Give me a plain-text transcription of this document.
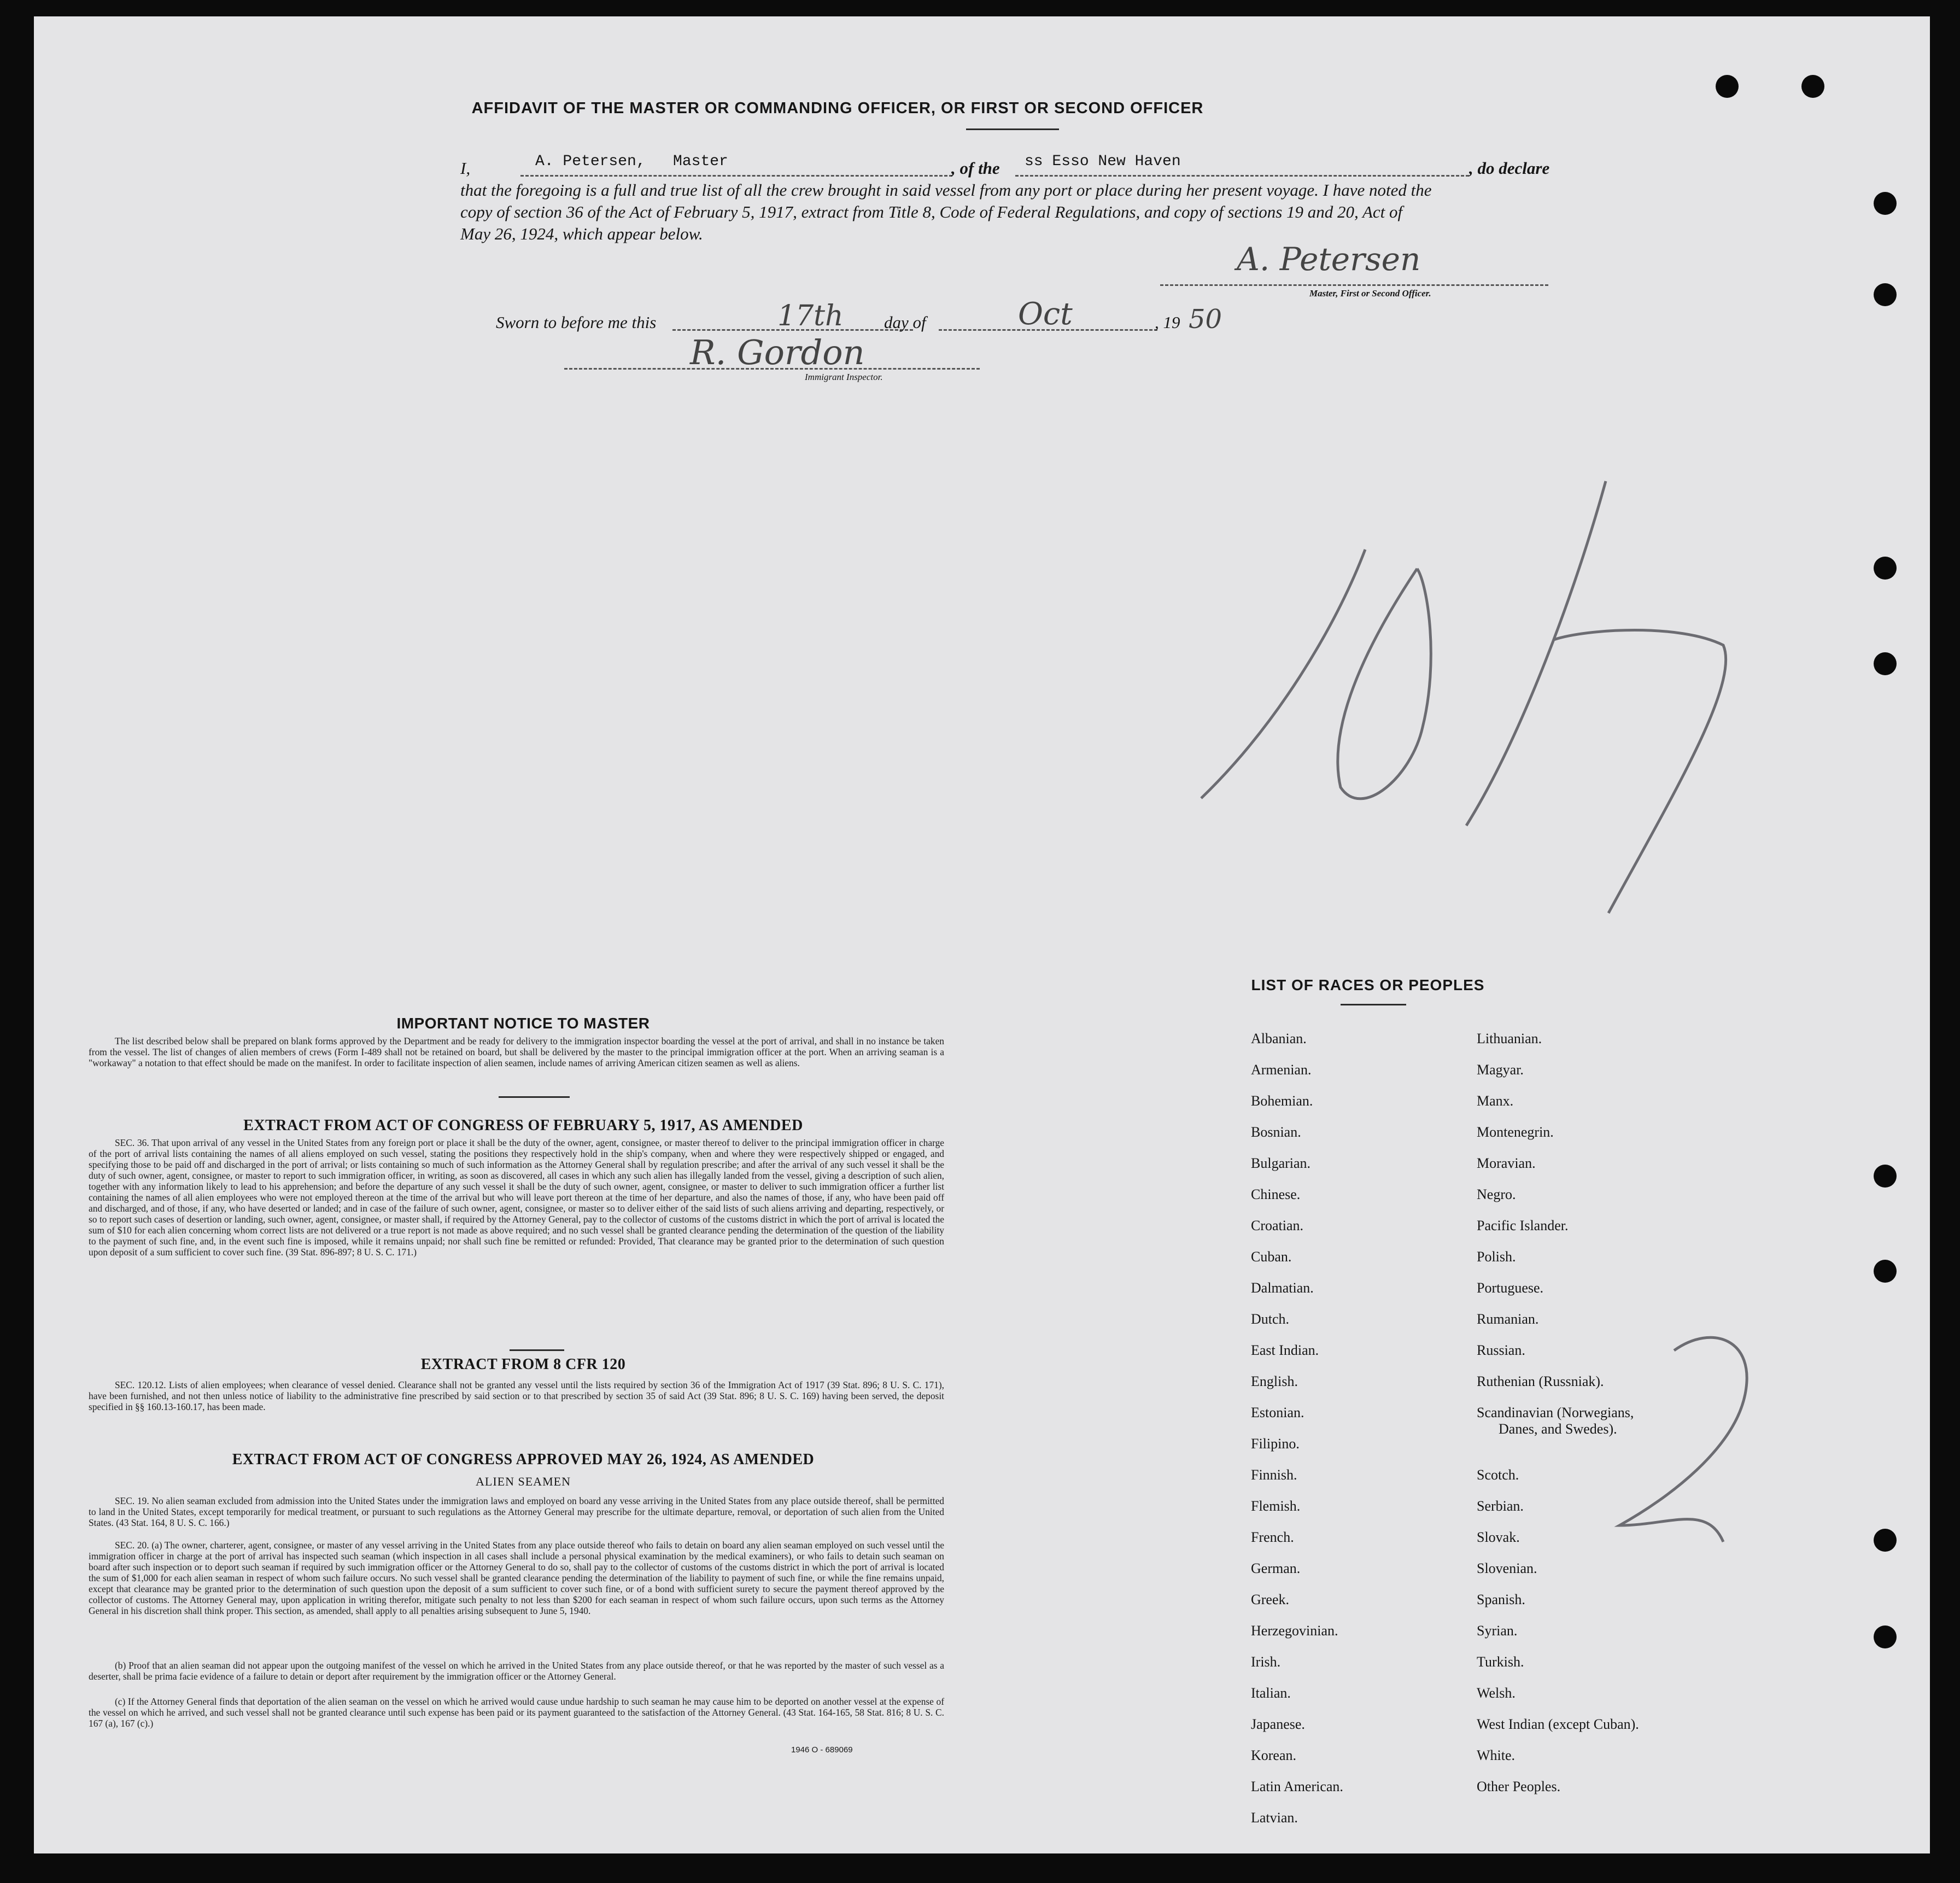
AFFIDAVIT OF THE MASTER OR COMMANDING OFFICER, OR FIRST OR SECOND OFFICER
I,	A. Petersen,   Master	, of the	ss Esso New Haven	, do declare
that the foregoing is a full and true list of all the crew brought in said vessel from any port or place during her present voyage. I have noted the
copy of section 36 of the Act of February 5, 1917, extract from Title 8, Code of Federal Regulations, and copy of sections 19 and 20, Act of
May 26, 1924, which appear below.
A. Petersen
Master, First or Second Officer.
Sworn to before me this	17th day of	Oct	, 19 50
R. Gordon
Immigrant Inspector.
IMPORTANT NOTICE TO MASTER
The list described below shall be prepared on blank forms approved by the Department and be ready for delivery to the immigration inspector boarding the vessel at the port of arrival, and shall in no instance be taken from the vessel. The list of changes of alien members of crews (Form I-489 shall not be retained on board, but shall be delivered by the master to the principal immigration officer at the port. When an arriving seaman is a "workaway" a notation to that effect should be made on the manifest. In order to facilitate inspection of alien seamen, include names of arriving American citizen seamen as well as aliens.
EXTRACT FROM ACT OF CONGRESS OF FEBRUARY 5, 1917, AS AMENDED
SEC. 36. That upon arrival of any vessel in the United States from any foreign port or place it shall be the duty of the owner, agent, consignee, or master thereof to deliver to the principal immigration officer in charge of the port of arrival lists containing the names of all aliens employed on such vessel, stating the positions they respectively hold in the ship's company, when and where they were respectively shipped or engaged, and specifying those to be paid off and discharged in the port of arrival; or lists containing so much of such information as the Attorney General shall by regulation prescribe; and after the arrival of any such vessel it shall be the duty of such owner, agent, consignee, or master to report to such immigration officer, in writing, as soon as discovered, all cases in which any such alien has illegally landed from the vessel, giving a description of such alien, together with any information likely to lead to his apprehension; and before the departure of any such vessel it shall be the duty of such owner, agent, consignee, or master to deliver to such immigration officer a further list containing the names of all alien employees who were not employed thereon at the time of the arrival but who will leave port thereon at the time of her departure, and also the names of those, if any, who have been paid off and discharged, and of those, if any, who have deserted or landed; and in case of the failure of such owner, agent, consignee, or master so to deliver either of the said lists of such aliens arriving and departing, respectively, or so to report such cases of desertion or landing, such owner, agent, consignee, or master shall, if required by the Attorney General, pay to the collector of customs of the customs district in which the port of arrival is located the sum of $10 for each alien concerning whom correct lists are not delivered or a true report is not made as above required; and no such vessel shall be granted clearance pending the determination of the question of the liability to the payment of such fine, and, in the event such fine is imposed, while it remains unpaid; nor shall such fine be remitted or refunded: Provided, That clearance may be granted prior to the determination of such question upon deposit of a sum sufficient to cover such fine. (39 Stat. 896-897; 8 U. S. C. 171.)
EXTRACT FROM 8 CFR 120
SEC. 120.12. Lists of alien employees; when clearance of vessel denied. Clearance shall not be granted any vessel until the lists required by section 36 of the Immigration Act of 1917 (39 Stat. 896; 8 U. S. C. 171), have been furnished, and not then unless notice of liability to the administrative fine prescribed by said section or to that prescribed by section 35 of said Act (39 Stat. 896; 8 U. S. C. 169) having been served, the deposit specified in §§ 160.13-160.17, has been made.
EXTRACT FROM ACT OF CONGRESS APPROVED MAY 26, 1924, AS AMENDED
ALIEN SEAMEN
SEC. 19. No alien seaman excluded from admission into the United States under the immigration laws and employed on board any vesse arriving in the United States from any place outside thereof, shall be permitted to land in the United States, except temporarily for medical treatment, or pursuant to such regulations as the Attorney General may prescribe for the ultimate departure, removal, or deportation of such alien from the United States. (43 Stat. 164, 8 U. S. C. 166.)
SEC. 20. (a) The owner, charterer, agent, consignee, or master of any vessel arriving in the United States from any place outside thereof who fails to detain on board any alien seaman employed on such vessel until the immigration officer in charge at the port of arrival has inspected such seaman (which inspection in all cases shall include a personal physical examination by the medical examiners), or who fails to detain such seaman on board after such inspection or to deport such seaman if required by such immigration officer or the Attorney General to do so, shall pay to the collector of customs of the customs district in which the port of arrival is located the sum of $1,000 for each alien seaman in respect of whom such failure occurs. No such vessel shall be granted clearance pending the determination of the liability to payment of such fine, or while the fine remains unpaid, except that clearance may be granted prior to the determination of such question upon the deposit of a sum sufficient to cover such fine, or of a bond with sufficient surety to secure the payment thereof approved by the collector of customs. The Attorney General may, upon application in writing therefor, mitigate such penalty to not less than $200 for each seaman in respect of whom such failure occurs, upon such terms as the Attorney General in his discretion shall think proper. This section, as amended, shall apply to all penalties arising subsequent to June 5, 1940.
(b) Proof that an alien seaman did not appear upon the outgoing manifest of the vessel on which he arrived in the United States from any place outside thereof, or that he was reported by the master of such vessel as a deserter, shall be prima facie evidence of a failure to detain or deport after requirement by the immigration officer or the Attorney General.
(c) If the Attorney General finds that deportation of the alien seaman on the vessel on which he arrived would cause undue hardship to such seaman he may cause him to be deported on another vessel at the expense of the vessel on which he arrived, and such vessel shall not be granted clearance until such expense has been paid or its payment guaranteed to the satisfaction of the Attorney General. (43 Stat. 164-165, 58 Stat. 816; 8 U. S. C. 167 (a), 167 (c).)
1946 O - 689069
LIST OF RACES OR PEOPLES
Albanian.
Armenian.
Bohemian.
Bosnian.
Bulgarian.
Chinese.
Croatian.
Cuban.
Dalmatian.
Dutch.
East Indian.
English.
Estonian.
Filipino.
Finnish.
Flemish.
French.
German.
Greek.
Herzegovinian.
Irish.
Italian.
Japanese.
Korean.
Latin American.
Latvian.
Lithuanian.
Magyar.
Manx.
Montenegrin.
Moravian.
Negro.
Pacific Islander.
Polish.
Portuguese.
Rumanian.
Russian.
Ruthenian (Russniak).
Scandinavian (Norwegians,
Danes, and Swedes).
Scotch.
Serbian.
Slovak.
Slovenian.
Spanish.
Syrian.
Turkish.
Welsh.
West Indian (except Cuban).
White.
Other Peoples.
